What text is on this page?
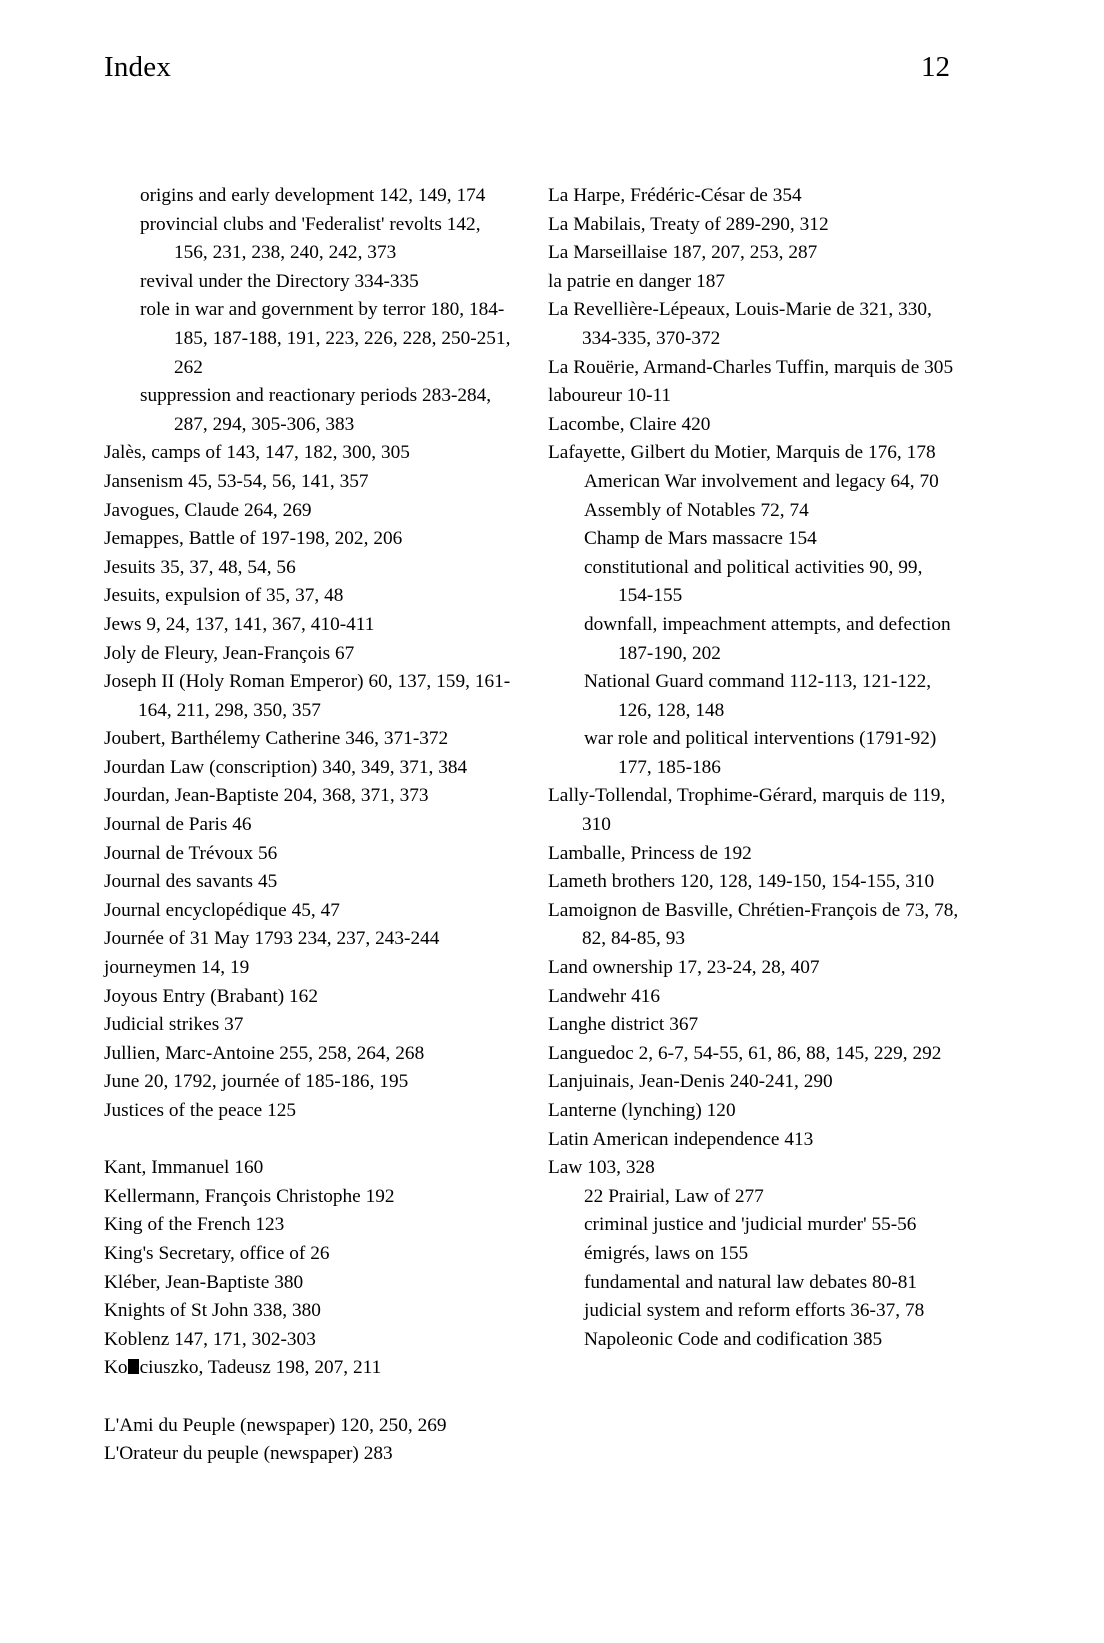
Index	12
origins and early development 142, 149, 174
provincial clubs and 'Federalist' revolts 142, 156, 231, 238, 240, 242, 373
revival under the Directory 334-335
role in war and government by terror 180, 184-185, 187-188, 191, 223, 226, 228, 250-251, 262
suppression and reactionary periods 283-284, 287, 294, 305-306, 383
Jalès, camps of 143, 147, 182, 300, 305
Jansenism 45, 53-54, 56, 141, 357
Javogues, Claude 264, 269
Jemappes, Battle of 197-198, 202, 206
Jesuits 35, 37, 48, 54, 56
Jesuits, expulsion of 35, 37, 48
Jews 9, 24, 137, 141, 367, 410-411
Joly de Fleury, Jean-François 67
Joseph II (Holy Roman Emperor) 60, 137, 159, 161-164, 211, 298, 350, 357
Joubert, Barthélemy Catherine 346, 371-372
Jourdan Law (conscription) 340, 349, 371, 384
Jourdan, Jean-Baptiste 204, 368, 371, 373
Journal de Paris 46
Journal de Trévoux 56
Journal des savants 45
Journal encyclopédique 45, 47
Journée of 31 May 1793 234, 237, 243-244
journeymen 14, 19
Joyous Entry (Brabant) 162
Judicial strikes 37
Jullien, Marc-Antoine 255, 258, 264, 268
June 20, 1792, journée of 185-186, 195
Justices of the peace 125
Kant, Immanuel 160
Kellermann, François Christophe 192
King of the French 123
King's Secretary, office of 26
Kléber, Jean-Baptiste 380
Knights of St John 338, 380
Koblenz 147, 171, 302-303
Ko ciuszko, Tadeusz 198, 207, 211
L'Ami du Peuple (newspaper) 120, 250, 269
L'Orateur du peuple (newspaper) 283
La Harpe, Frédéric-César de 354
La Mabilais, Treaty of 289-290, 312
La Marseillaise 187, 207, 253, 287
la patrie en danger 187
La Revellière-Lépeaux, Louis-Marie de 321, 330, 334-335, 370-372
La Rouërie, Armand-Charles Tuffin, marquis de 305
laboureur 10-11
Lacombe, Claire 420
Lafayette, Gilbert du Motier, Marquis de 176, 178
American War involvement and legacy 64, 70
Assembly of Notables 72, 74
Champ de Mars massacre 154
constitutional and political activities 90, 99, 154-155
downfall, impeachment attempts, and defection 187-190, 202
National Guard command 112-113, 121-122, 126, 128, 148
war role and political interventions (1791-92) 177, 185-186
Lally-Tollendal, Trophime-Gérard, marquis de 119, 310
Lamballe, Princess de 192
Lameth brothers 120, 128, 149-150, 154-155, 310
Lamoignon de Basville, Chrétien-François de 73, 78, 82, 84-85, 93
Land ownership 17, 23-24, 28, 407
Landwehr 416
Langhe district 367
Languedoc 2, 6-7, 54-55, 61, 86, 88, 145, 229, 292
Lanjuinais, Jean-Denis 240-241, 290
Lanterne (lynching) 120
Latin American independence 413
Law 103, 328
22 Prairial, Law of 277
criminal justice and 'judicial murder' 55-56
émigrés, laws on 155
fundamental and natural law debates 80-81
judicial system and reform efforts 36-37, 78
Napoleonic Code and codification 385
